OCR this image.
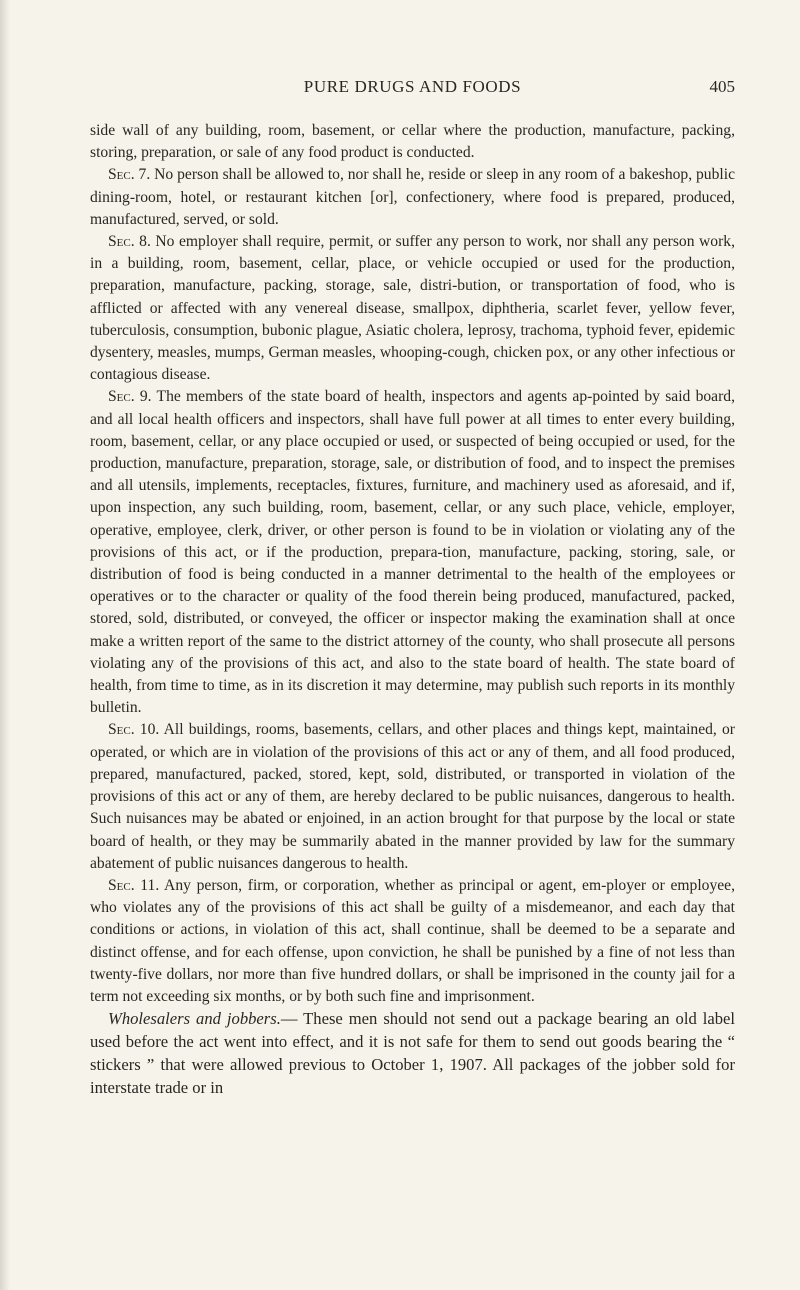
PURE DRUGS AND FOODS	405

side wall of any building, room, basement, or cellar where the production, manufacture, packing, storing, preparation, or sale of any food product is conducted.

Sec. 7. No person shall be allowed to, nor shall he, reside or sleep in any room of a bakeshop, public dining-room, hotel, or restaurant kitchen [or], confectionery, where food is prepared, produced, manufactured, served, or sold.

Sec. 8. No employer shall require, permit, or suffer any person to work, nor shall any person work, in a building, room, basement, cellar, place, or vehicle occupied or used for the production, preparation, manufacture, packing, storage, sale, distri-bution, or transportation of food, who is afflicted or affected with any venereal disease, smallpox, diphtheria, scarlet fever, yellow fever, tuberculosis, consumption, bubonic plague, Asiatic cholera, leprosy, trachoma, typhoid fever, epidemic dysentery, measles, mumps, German measles, whooping-cough, chicken pox, or any other infectious or contagious disease.

Sec. 9. The members of the state board of health, inspectors and agents ap-pointed by said board, and all local health officers and inspectors, shall have full power at all times to enter every building, room, basement, cellar, or any place occupied or used, or suspected of being occupied or used, for the production, manufacture, preparation, storage, sale, or distribution of food, and to inspect the premises and all utensils, implements, receptacles, fixtures, furniture, and machinery used as aforesaid, and if, upon inspection, any such building, room, basement, cellar, or any such place, vehicle, employer, operative, employee, clerk, driver, or other person is found to be in violation or violating any of the provisions of this act, or if the production, prepara-tion, manufacture, packing, storing, sale, or distribution of food is being conducted in a manner detrimental to the health of the employees or operatives or to the character or quality of the food therein being produced, manufactured, packed, stored, sold, distributed, or conveyed, the officer or inspector making the examination shall at once make a written report of the same to the district attorney of the county, who shall prosecute all persons violating any of the provisions of this act, and also to the state board of health. The state board of health, from time to time, as in its discretion it may determine, may publish such reports in its monthly bulletin.

Sec. 10. All buildings, rooms, basements, cellars, and other places and things kept, maintained, or operated, or which are in violation of the provisions of this act or any of them, and all food produced, prepared, manufactured, packed, stored, kept, sold, distributed, or transported in violation of the provisions of this act or any of them, are hereby declared to be public nuisances, dangerous to health. Such nuisances may be abated or enjoined, in an action brought for that purpose by the local or state board of health, or they may be summarily abated in the manner provided by law for the summary abatement of public nuisances dangerous to health.

Sec. 11. Any person, firm, or corporation, whether as principal or agent, em-ployer or employee, who violates any of the provisions of this act shall be guilty of a misdemeanor, and each day that conditions or actions, in violation of this act, shall continue, shall be deemed to be a separate and distinct offense, and for each offense, upon conviction, he shall be punished by a fine of not less than twenty-five dollars, nor more than five hundred dollars, or shall be imprisoned in the county jail for a term not exceeding six months, or by both such fine and imprisonment.

Wholesalers and jobbers.— These men should not send out a package bearing an old label used before the act went into effect, and it is not safe for them to send out goods bearing the “ stickers ” that were allowed previous to October 1, 1907. All packages of the jobber sold for interstate trade or in
